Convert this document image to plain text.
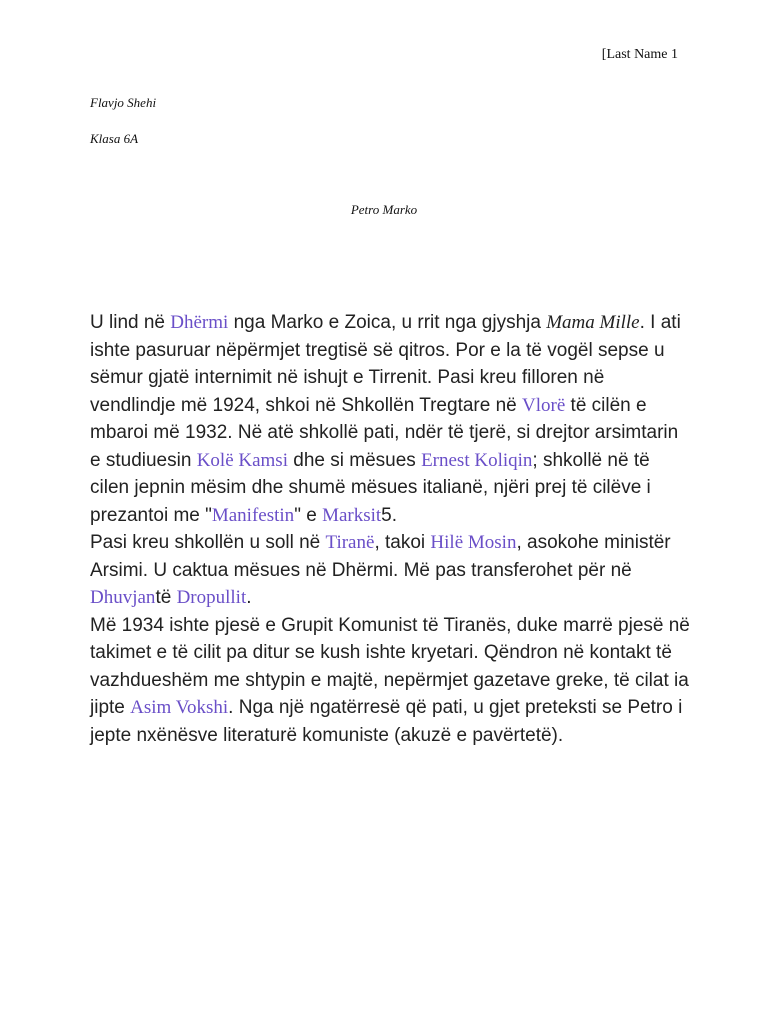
[Last Name 1
Flavjo Shehi
Klasa 6A
Petro Marko

U lind në Dhërmi nga Marko e Zoica, u rrit nga gjyshja Mama Mille. I ati ishte pasuruar nëpërmjet tregtisë së qitros. Por e la të vogël sepse u sëmur gjatë internimit në ishujt e Tirrenit. Pasi kreu filloren në vendlindje më 1924, shkoi në Shkollën Tregtare në Vlorë të cilën e mbaroi më 1932. Në atë shkollë pati, ndër të tjerë, si drejtor arsimtarin e studiuesin Kolë Kamsi dhe si mësues Ernest Koliqin; shkollë në të cilen jepnin mësim dhe shumë mësues italianë, njëri prej të cilëve i prezantoi me "Manifestin" e Marksit5.

Pasi kreu shkollën u soll në Tiranë, takoi Hilë Mosin, asokohe ministër Arsimi. U caktua mësues në Dhërmi. Më pas transferohet për në Dhuvjantë Dropullit.

Më 1934 ishte pjesë e Grupit Komunist të Tiranës, duke marrë pjesë në takimet e të cilit pa ditur se kush ishte kryetari. Qëndron në kontakt të vazhdueshëm me shtypin e majtë, nepërmjet gazetave greke, të cilat ia jipte Asim Vokshi. Nga një ngatërresë që pati, u gjet preteksti se Petro i jepte nxënësve literaturë komuniste (akuzë e pavërtetë).
